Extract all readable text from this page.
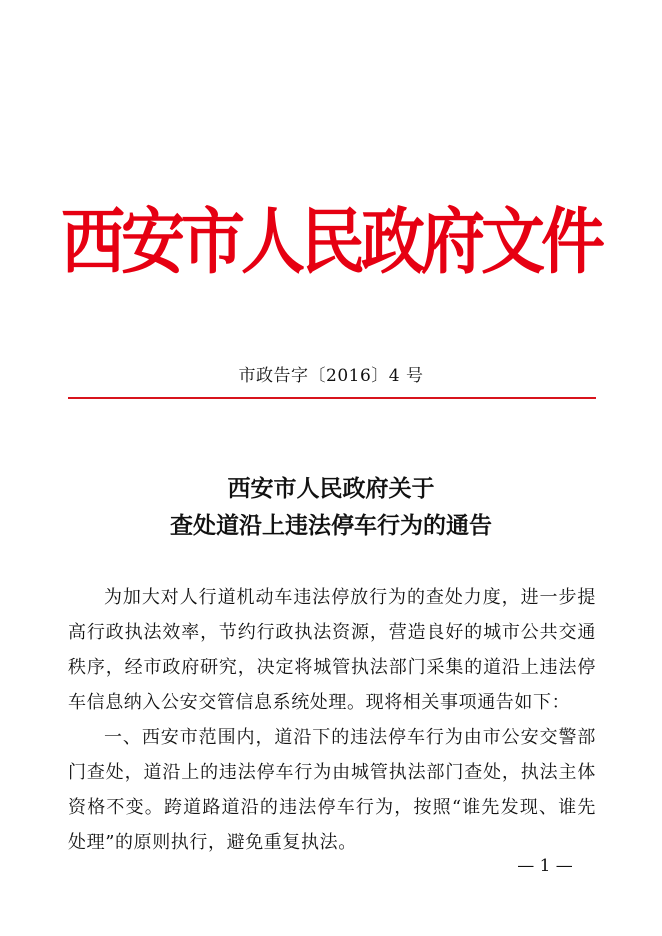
西安市人民政府文件
市政告字〔2016〕4 号
西安市人民政府关于
查处道沿上违法停车行为的通告

为加大对人行道机动车违法停放行为的查处力度，进一步提高行政执法效率，节约行政执法资源，营造良好的城市公共交通秩序，经市政府研究，决定将城管执法部门采集的道沿上违法停车信息纳入公安交管信息系统处理。现将相关事项通告如下：

一、西安市范围内，道沿下的违法停车行为由市公安交警部门查处，道沿上的违法停车行为由城管执法部门查处，执法主体资格不变。跨道路道沿的违法停车行为，按照“谁先发现、谁先处理”的原则执行，避免重复执法。

— 1 —
